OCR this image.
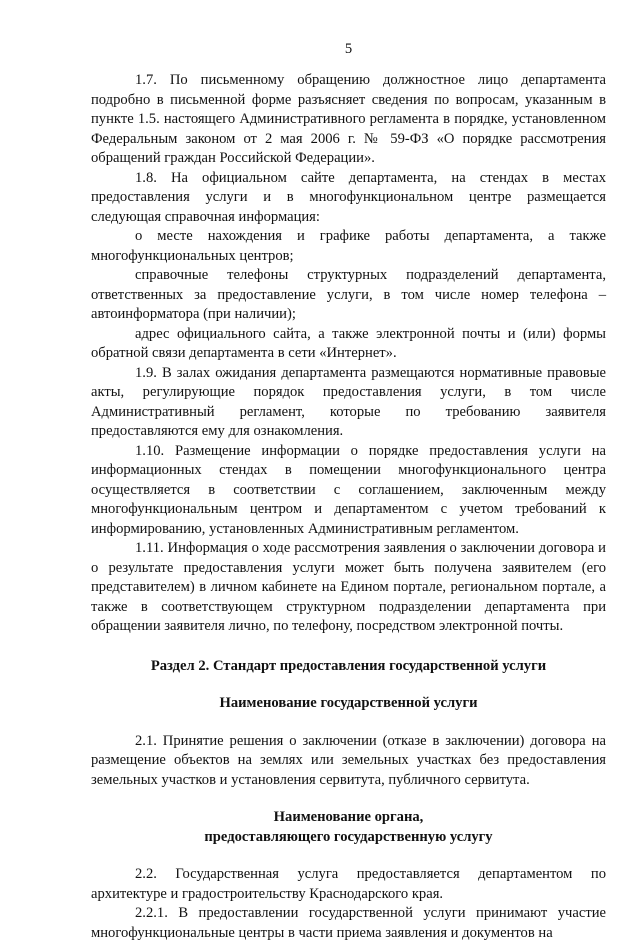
5

1.7. По письменному обращению должностное лицо департамента подробно в письменной форме разъясняет сведения по вопросам, указанным в пункте 1.5. настоящего Административного регламента в порядке, установленном Федеральным законом от 2 мая 2006 г. № 59-ФЗ «О порядке рассмотрения обращений граждан Российской Федерации».

1.8. На официальном сайте департамента, на стендах в местах предоставления услуги и в многофункциональном центре размещается следующая справочная информация:

о месте нахождения и графике работы департамента, а также многофункциональных центров;

справочные телефоны структурных подразделений департамента, ответственных за предоставление услуги, в том числе номер телефона – автоинформатора (при наличии);

адрес официального сайта, а также электронной почты и (или) формы обратной связи департамента в сети «Интернет».

1.9. В залах ожидания департамента размещаются нормативные правовые акты, регулирующие порядок предоставления услуги, в том числе Административный регламент, которые по требованию заявителя предоставляются ему для ознакомления.

1.10. Размещение информации о порядке предоставления услуги на информационных стендах в помещении многофункционального центра осуществляется в соответствии с соглашением, заключенным между многофункциональным центром и департаментом с учетом требований к информированию, установленных Административным регламентом.

1.11. Информация о ходе рассмотрения заявления о заключении договора и о результате предоставления услуги может быть получена заявителем (его представителем) в личном кабинете на Едином портале, региональном портале, а также в соответствующем структурном подразделении департамента при обращении заявителя лично, по телефону, посредством электронной почты.

Раздел 2. Стандарт предоставления государственной услуги
Наименование государственной услуги

2.1. Принятие решения о заключении (отказе в заключении) договора на размещение объектов на землях или земельных участках без предоставления земельных участков и установления сервитута, публичного сервитута.

Наименование органа,
предоставляющего государственную услугу

2.2. Государственная услуга предоставляется департаментом по архитектуре и градостроительству Краснодарского края.

2.2.1. В предоставлении государственной услуги принимают участие многофункциональные центры в части приема заявления и документов на
